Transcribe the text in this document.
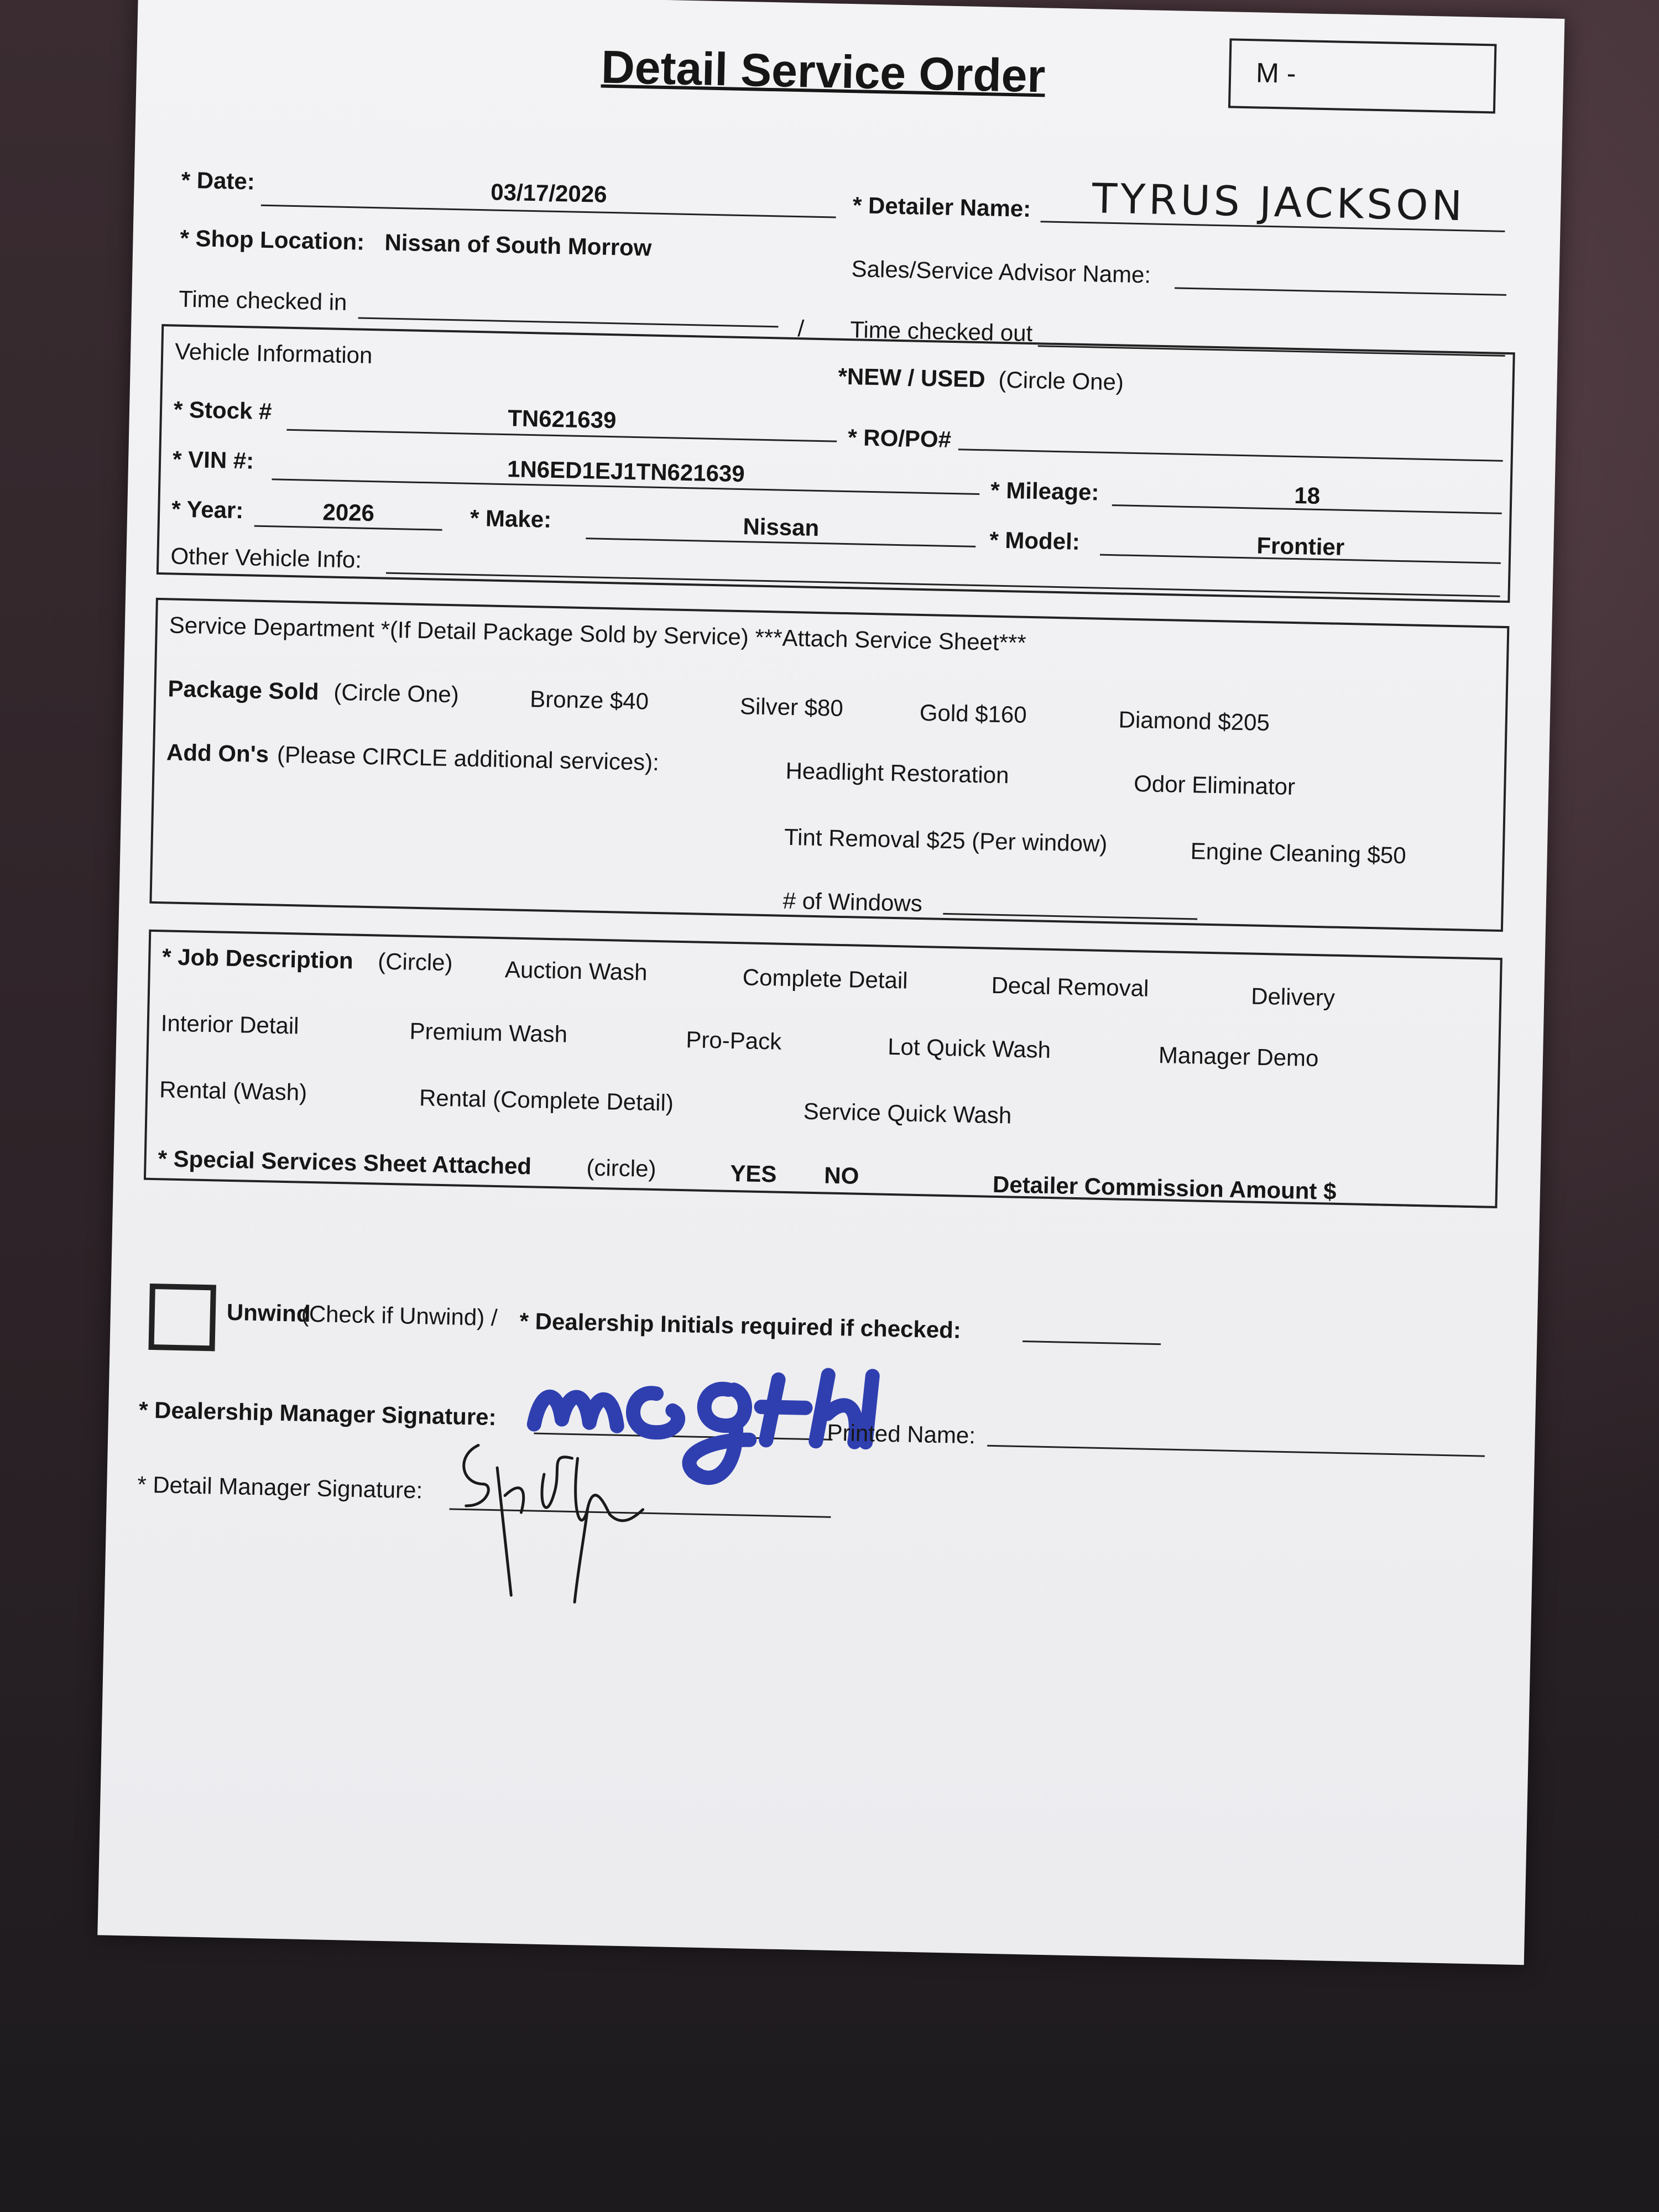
Detail Service Order	M -
* Date:	03/17/2026	* Detailer Name:	TYRUS JACKSON
* Shop Location: Nissan of South Morrow
Sales/Service Advisor Name:
Time checked in
/ Time checked out
Vehicle Information
*NEW / USED (Circle One)
* Stock #	TN621639
* RO/PO#
* VIN #:	1N6ED1EJ1TN621639
* Mileage:	18
* Year:	2026	* Make:	Nissan	* Model:	Frontier
Other Vehicle Info:
Service Department *(If Detail Package Sold by Service) ***Attach Service Sheet***
Package Sold (Circle One)	Bronze $40	Silver $80	Gold $160	Diamond $205
Add On's (Please CIRCLE additional services):	Headlight Restoration	Odor Eliminator
Tint Removal $25 (Per window)	Engine Cleaning $50
# of Windows
* Job Description (Circle) Auction Wash	Complete Detail	Decal Removal	Delivery
Interior Detail	Premium Wash	Pro-Pack	Lot Quick Wash	Manager Demo
Rental (Wash)	Rental (Complete Detail)	Service Quick Wash
* Special Services Sheet Attached (circle)	YES NO	Detailer Commission Amount $
Unwind
(Check if Unwind) / * Dealership Initials required if checked:
* Dealership Manager Signature:
Printed Name:
* Detail Manager Signature:
